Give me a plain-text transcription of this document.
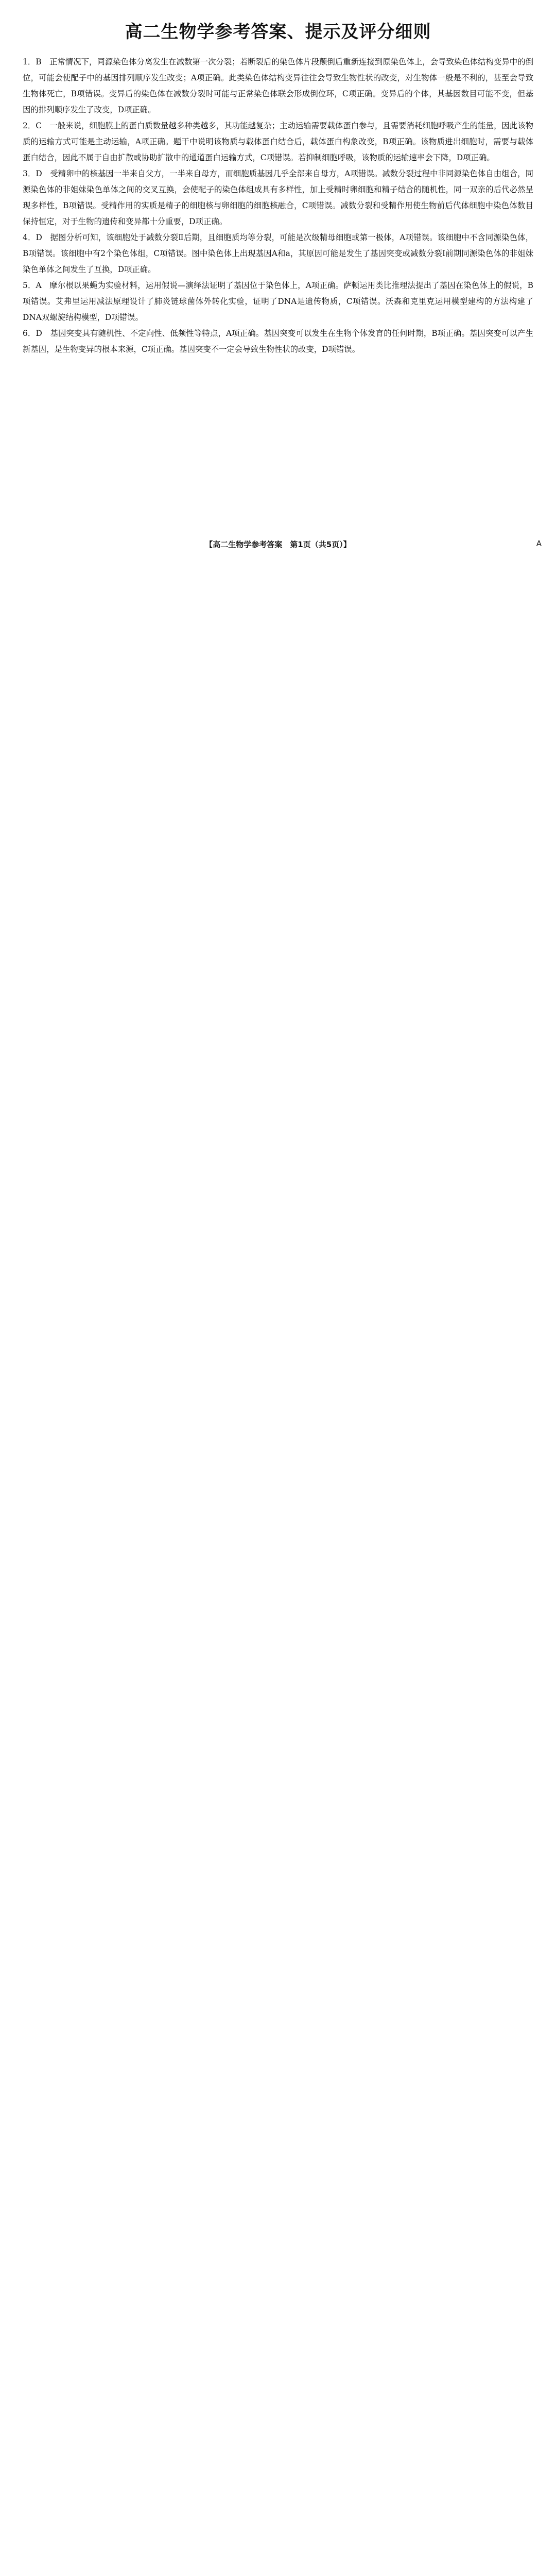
高二生物学参考答案、提示及评分细则

1．B　正常情况下，同源染色体分离发生在减数第一次分裂；若断裂后的染色体片段颠倒后重新连接到原染色体上，会导致染色体结构变异中的倒位，可能会使配子中的基因排列顺序发生改变；A项正确。此类染色体结构变异往往会导致生物性状的改变，对生物体一般是不利的，甚至会导致生物体死亡，B项错误。变异后的染色体在减数分裂时可能与正常染色体联会形成倒位环，C项正确。变异后的个体，其基因数目可能不变，但基因的排列顺序发生了改变，D项正确。

2．C　一般来说，细胞膜上的蛋白质数量越多种类越多，其功能越复杂；主动运输需要载体蛋白参与，且需要消耗细胞呼吸产生的能量，因此该物质的运输方式可能是主动运输，A项正确。题干中说明该物质与载体蛋白结合后，载体蛋白构象改变，B项正确。该物质进出细胞时，需要与载体蛋白结合，因此不属于自由扩散或协助扩散中的通道蛋白运输方式，C项错误。若抑制细胞呼吸，该物质的运输速率会下降，D项正确。

3．D　受精卵中的核基因一半来自父方，一半来自母方，而细胞质基因几乎全部来自母方，A项错误。减数分裂过程中非同源染色体自由组合，同源染色体的非姐妹染色单体之间的交叉互换，会使配子的染色体组成具有多样性，加上受精时卵细胞和精子结合的随机性，同一双亲的后代必然呈现多样性，B项错误。受精作用的实质是精子的细胞核与卵细胞的细胞核融合，C项错误。减数分裂和受精作用使生物前后代体细胞中染色体数目保持恒定，对于生物的遗传和变异都十分重要，D项正确。

4．D　据图分析可知，该细胞处于减数分裂Ⅱ后期，且细胞质均等分裂，可能是次级精母细胞或第一极体，A项错误。该细胞中不含同源染色体，B项错误。该细胞中有2个染色体组，C项错误。图中染色体上出现基因A和a，其原因可能是发生了基因突变或减数分裂Ⅰ前期同源染色体的非姐妹染色单体之间发生了互换，D项正确。

5．A　摩尔根以果蝇为实验材料，运用假说—演绎法证明了基因位于染色体上，A项正确。萨顿运用类比推理法提出了基因在染色体上的假说，B项错误。艾弗里运用减法原理设计了肺炎链球菌体外转化实验，证明了DNA是遗传物质，C项错误。沃森和克里克运用模型建构的方法构建了DNA双螺旋结构模型，D项错误。

6．D　基因突变具有随机性、不定向性、低频性等特点，A项正确。基因突变可以发生在生物个体发育的任何时期，B项正确。基因突变可以产生新基因，是生物变异的根本来源，C项正确。基因突变不一定会导致生物性状的改变，D项错误。

【高二生物学参考答案　第1页（共5页）】	A
